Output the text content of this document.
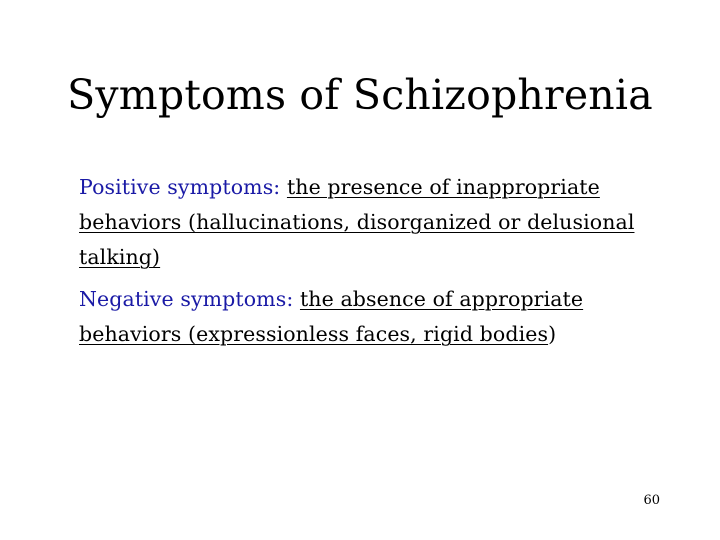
Symptoms of Schizophrenia
Positive symptoms: the presence of inappropriate behaviors (hallucinations, disorganized or delusional talking)
Negative symptoms: the absence of appropriate behaviors (expressionless faces, rigid bodies)
60
